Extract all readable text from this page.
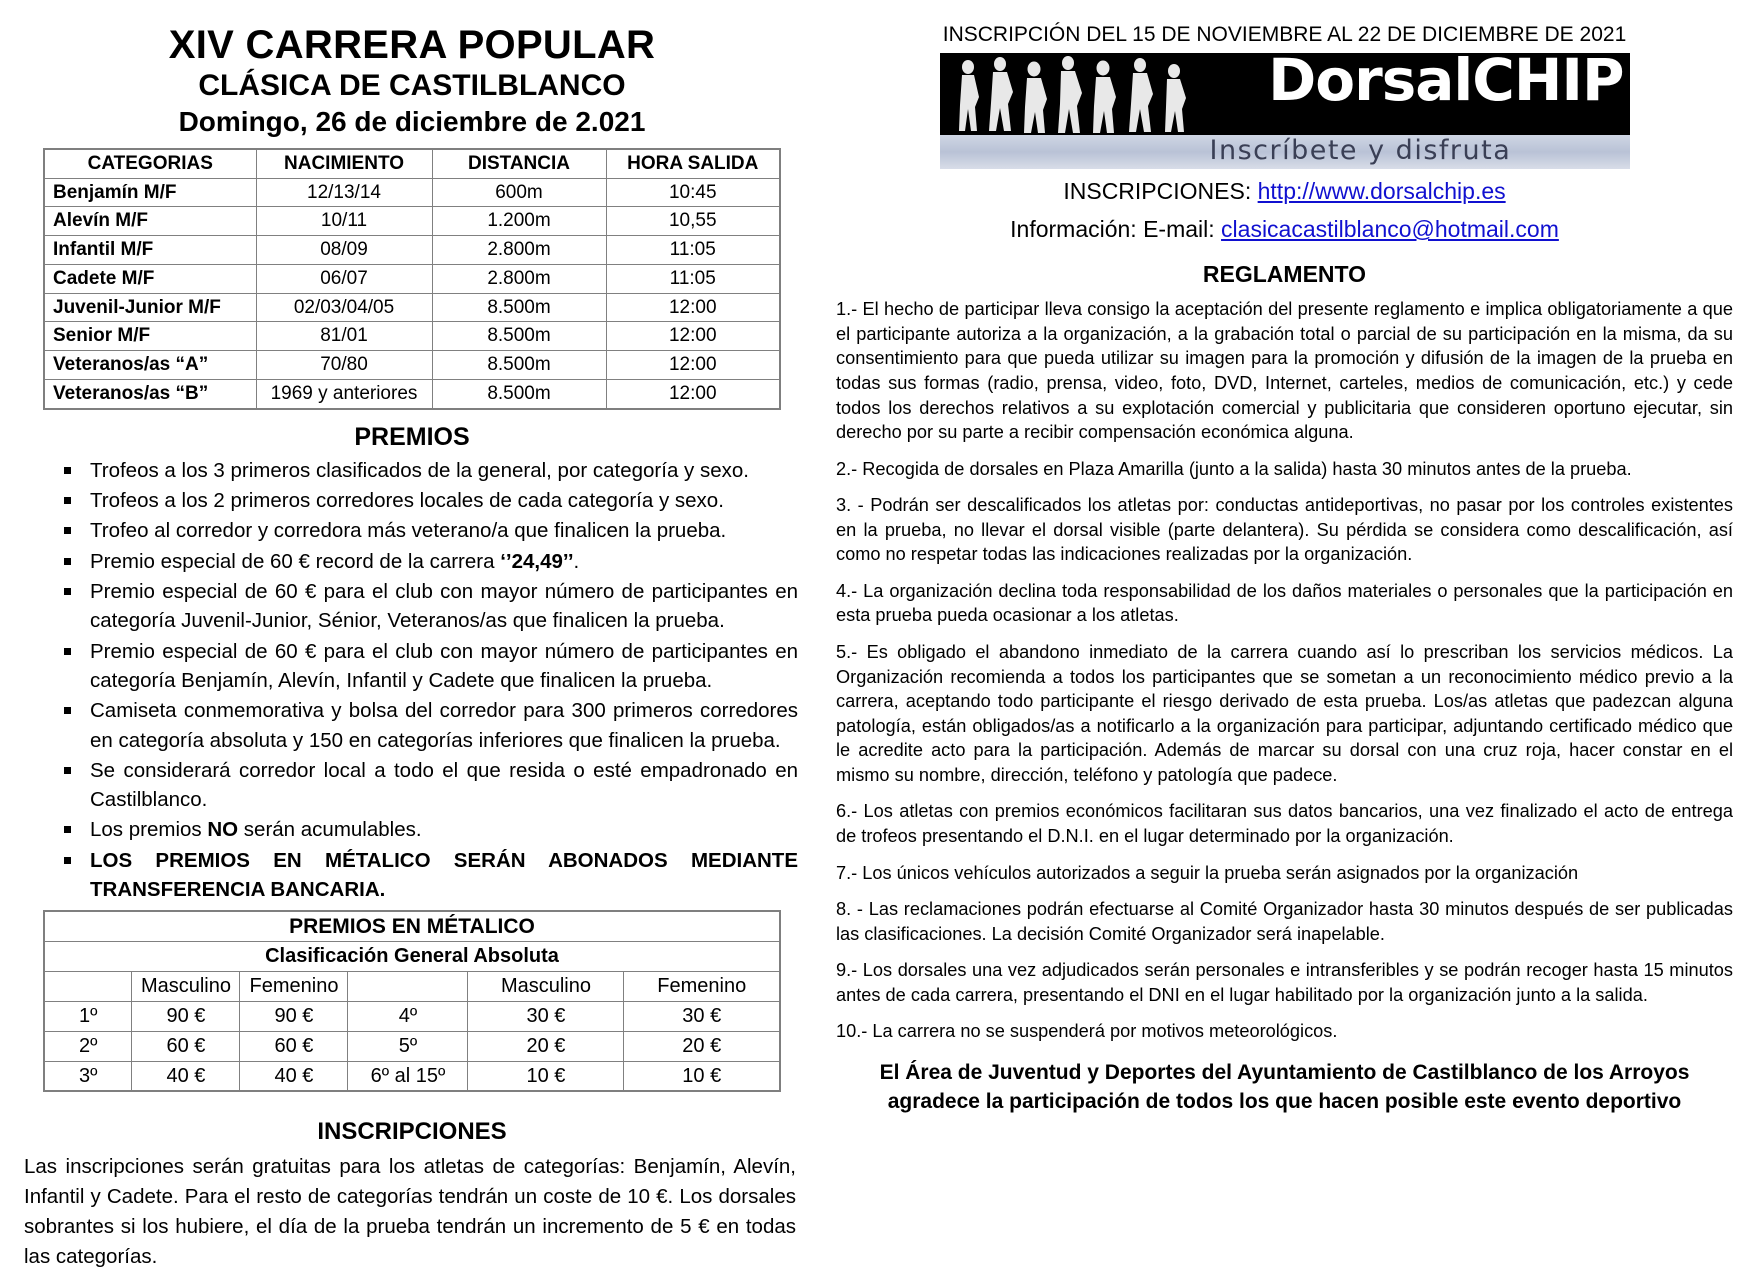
XIV CARRERA POPULAR
CLÁSICA DE CASTILBLANCO
Domingo, 26 de diciembre de 2.021
CATEGORIAS	NACIMIENTO	DISTANCIA	HORA SALIDA
Benjamín M/F	12/13/14	600m	10:45
Alevín M/F	10/11	1.200m	10,55
Infantil M/F	08/09	2.800m	11:05
Cadete M/F	06/07	2.800m	11:05
Juvenil-Junior M/F	02/03/04/05	8.500m	12:00
Senior M/F	81/01	8.500m	12:00
Veteranos/as “A”	70/80	8.500m	12:00
Veteranos/as “B”	1969 y anteriores	8.500m	12:00
PREMIOS
Trofeos a los 3 primeros clasificados de la general, por categoría y sexo.
Trofeos a los 2 primeros corredores locales de cada categoría y sexo.
Trofeo al corredor y corredora más veterano/a que finalicen la prueba.
Premio especial de 60 € record de la carrera ‘’24,49’’.
Premio especial de 60 € para el club con mayor número de participantes en categoría Juvenil-Junior, Sénior, Veteranos/as que finalicen la prueba.
Premio especial de 60 € para el club con mayor número de participantes en categoría Benjamín, Alevín, Infantil y Cadete que finalicen la prueba.
Camiseta conmemorativa y bolsa del corredor para 300 primeros corredores en categoría absoluta y 150 en categorías inferiores que finalicen la prueba.
Se considerará corredor local a todo el que resida o esté empadronado en Castilblanco.
Los premios NO serán acumulables.
LOS PREMIOS EN MÉTALICO SERÁN ABONADOS MEDIANTE TRANSFERENCIA BANCARIA.
PREMIOS EN MÉTALICO					
Clasificación General Absoluta					
	Masculino	Femenino		Masculino	Femenino
1º	90 €	90 €	4º	30 €	30 €
2º	60 €	60 €	5º	20 €	20 €
3º	40 €	40 €	6º al 15º	10 €	10 €
INSCRIPCIONES
Las inscripciones serán gratuitas para los atletas de categorías: Benjamín, Alevín, Infantil y Cadete. Para el resto de categorías tendrán un coste de 10 €. Los dorsales sobrantes si los hubiere, el día de la prueba tendrán un incremento de 5 € en todas las categorías.
INSCRIPCIÓN DEL 15 DE NOVIEMBRE AL 22 DE DICIEMBRE DE 2021
DorsalCHIP
Inscríbete y disfruta
INSCRIPCIONES: http://www.dorsalchip.es
Información: E-mail: clasicacastilblanco@hotmail.com
REGLAMENTO
1.- El hecho de participar lleva consigo la aceptación del presente reglamento e implica obligatoriamente a que el participante autoriza a la organización, a la grabación total o parcial de su participación en la misma, da su consentimiento para que pueda utilizar su imagen para la promoción y difusión de la imagen de la prueba en todas sus formas (radio, prensa, video, foto, DVD, Internet, carteles, medios de comunicación, etc.) y cede todos los derechos relativos a su explotación comercial y publicitaria que consideren oportuno ejecutar, sin derecho por su parte a recibir compensación económica alguna.
2.- Recogida de dorsales en Plaza Amarilla (junto a la salida) hasta 30 minutos antes de la prueba.
3. - Podrán ser descalificados los atletas por: conductas antideportivas, no pasar por los controles existentes en la prueba, no llevar el dorsal visible (parte delantera). Su pérdida se considera como descalificación, así como no respetar todas las indicaciones realizadas por la organización.
4.- La organización declina toda responsabilidad de los daños materiales o personales que la participación en esta prueba pueda ocasionar a los atletas.
5.- Es obligado el abandono inmediato de la carrera cuando así lo prescriban los servicios médicos. La Organización recomienda a todos los participantes que se sometan a un reconocimiento médico previo a la carrera, aceptando todo participante el riesgo derivado de esta prueba. Los/as atletas que padezcan alguna patología, están obligados/as a notificarlo a la organización para participar, adjuntando certificado médico que le acredite acto para la participación. Además de marcar su dorsal con una cruz roja, hacer constar en el mismo su nombre, dirección, teléfono y patología que padece.
6.- Los atletas con premios económicos facilitaran sus datos bancarios, una vez finalizado el acto de entrega de trofeos presentando el D.N.I. en el lugar determinado por la organización.
7.- Los únicos vehículos autorizados a seguir la prueba serán asignados por la organización
8. - Las reclamaciones podrán efectuarse al Comité Organizador hasta 30 minutos después de ser publicadas las clasificaciones. La decisión Comité Organizador será inapelable.
9.- Los dorsales una vez adjudicados serán personales e intransferibles y se podrán recoger hasta 15 minutos antes de cada carrera, presentando el DNI en el lugar habilitado por la organización junto a la salida.
10.- La carrera no se suspenderá por motivos meteorológicos.
El Área de Juventud y Deportes del Ayuntamiento de Castilblanco de los Arroyos
agradece la participación de todos los que hacen posible este evento deportivo
